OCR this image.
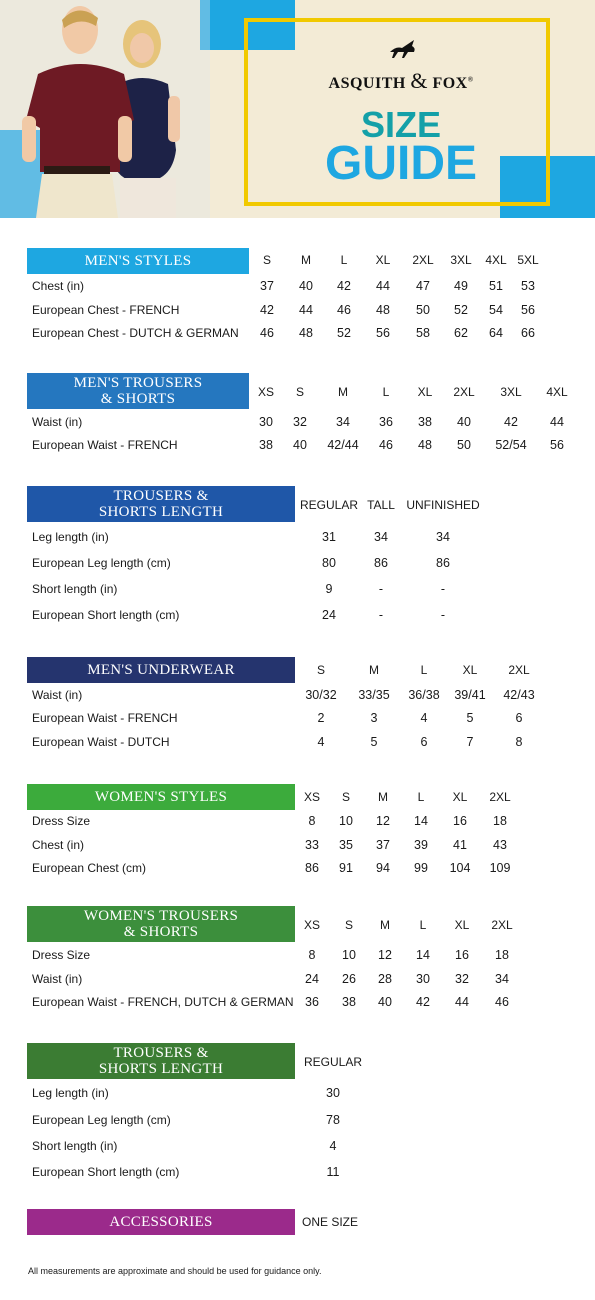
ASQUITH & FOX®
SIZE
GUIDE
MEN'S STYLES	S M L XL 2XL 3XL 4XL 5XL
Chest (in)	37 40 42 44 47 49 51 53
European Chest - FRENCH	42 44 46 48 50 52 54 56
European Chest - DUTCH & GERMAN 46 48 52 56 58 62 64 66
MEN'S TROUSERS
& SHORTS	XS S	M	L XL 2XL 3XL 4XL
Waist (in)	30 32 34 36 38 40	42	44
European Waist - FRENCH	38 40 42/44 46 48 50 52/54 56
TROUSERS &
SHORTS LENGTH	REGULAR TALL UNFINISHED
Leg length (in)	31	34	34
European Leg length (cm)	80	86	86
Short length (in)	9	-	-
European Short length (cm)	24	-	-
MEN'S UNDERWEAR	S	M	L	XL	2XL
Waist (in)	30/32 33/35 36/38 39/41 42/43
European Waist - FRENCH	2	3	4	5	6
European Waist - DUTCH	4	5	6	7	8
WOMEN'S STYLES	XS S M L XL 2XL
Dress Size	8 10 12 14 16 18
Chest (in)	33 35 37 39 41 43
European Chest (cm)	86 91 94 99 104 109
WOMEN'S TROUSERS
& SHORTS	XS S M L XL 2XL
Dress Size	8 10 12 14 16 18
Waist (in)	24 26 28 30 32 34
European Waist - FRENCH, DUTCH & GERMAN 36 38 40 42 44 46
TROUSERS &
SHORTS LENGTH	REGULAR
Leg length (in)	30
European Leg length (cm)	78
Short length (in)	4
European Short length (cm)	11
ACCESSORIES	ONE SIZE
All measurements are approximate and should be used for guidance only.
